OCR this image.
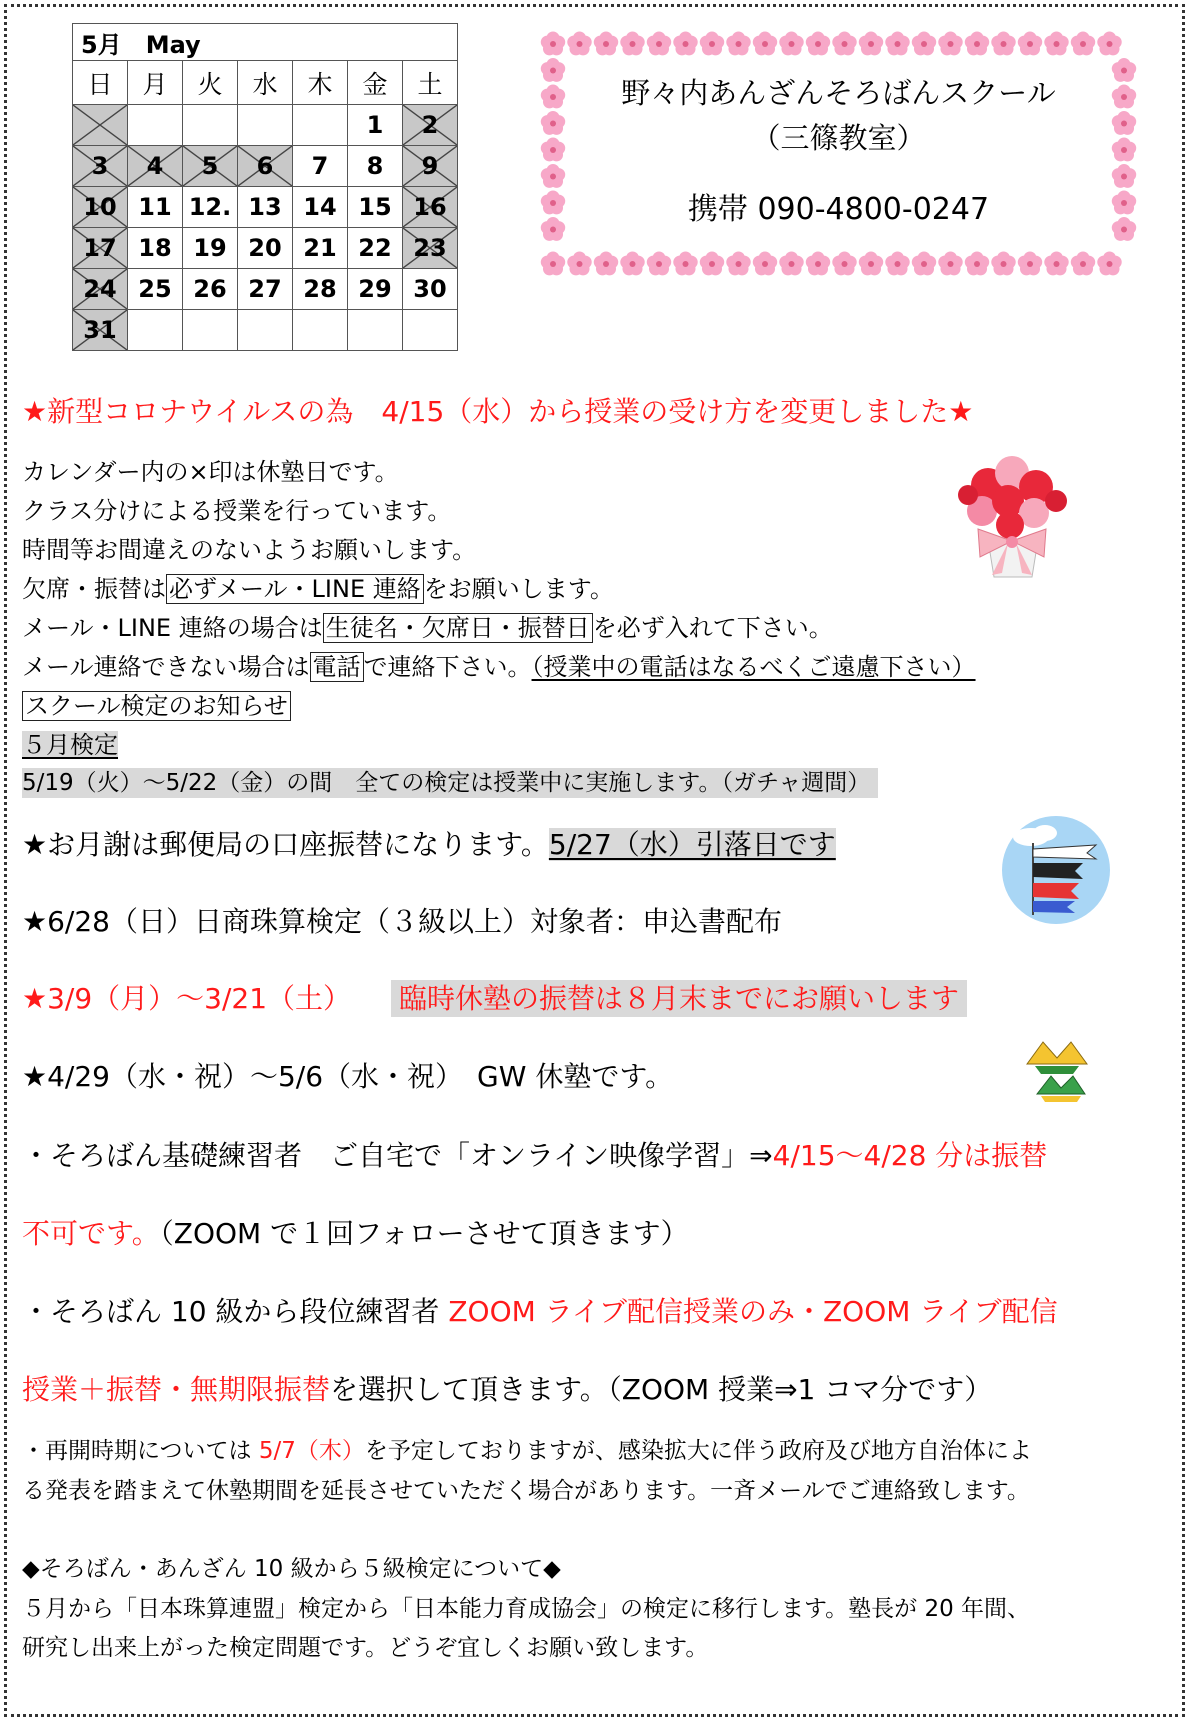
5月　May						
日	月	火	水	木	金	土

					1	2

3	4	5	6	7	8	9

10	11	12.	13	14	15	16

17	18	19	20	21	22	23

24	25	26	27	28	29	30

31						
野々内あんざんそろばんスクール
（三篠教室）
携帯 090-4800-0247
★新型コロナウイルスの為　4/15（水）から授業の受け方を変更しました★
カレンダー内の×印は休塾日です。
クラス分けによる授業を行っています。
時間等お間違えのないようお願いします。
欠席・振替は 必ずメール・LINE 連絡 をお願いします。
メール・LINE 連絡の場合は 生徒名・欠席日・振替日 を必ず入れて下さい。
メール連絡できない場合は 電話 で連絡下さい。（授業中の電話はなるべくご遠慮下さい）
スクール検定のお知らせ
５月検定
5/19（火）～5/22（金）の間　全ての検定は授業中に実施します。（ガチャ週間）
★お月謝は郵便局の口座振替になります。5/27（水）引落日です
★6/28（日）日商珠算検定（３級以上）対象者：申込書配布
★3/9（月）～3/21（土） 臨時休塾の振替は８月末までにお願いします
★4/29（水・祝）～5/6（水・祝）　GW 休塾です。
・そろばん基礎練習者　ご自宅で「オンライン映像学習」⇒4/15～4/28 分は振替
不可です。（ZOOM で１回フォローさせて頂きます）
・そろばん 10 級から段位練習者 ZOOM ライブ配信授業のみ・ZOOM ライブ配信
授業＋振替・無期限振替を選択して頂きます。（ZOOM 授業⇒1 コマ分です）
・再開時期については 5/7（木）を予定しておりますが、感染拡大に伴う政府及び地方自治体によ
る発表を踏まえて休塾期間を延長させていただく場合があります。一斉メールでご連絡致します。
◆そろばん・あんざん 10 級から５級検定について◆
５月から「日本珠算連盟」検定から「日本能力育成協会」の検定に移行します。塾長が 20 年間、
研究し出来上がった検定問題です。どうぞ宜しくお願い致します。
